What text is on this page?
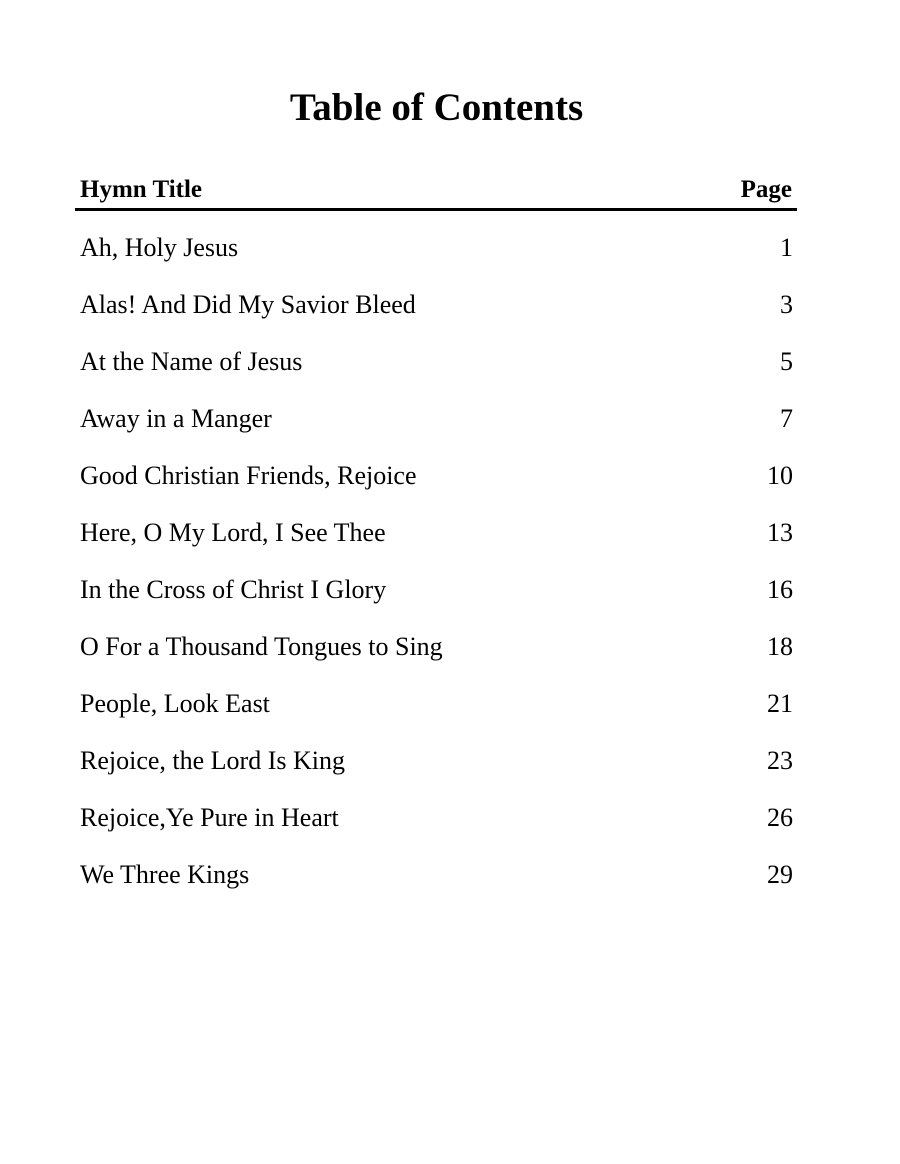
Table of Contents
Hymn Title	Page
Ah, Holy Jesus	1
Alas! And Did My Savior Bleed	3
At the Name of Jesus	5
Away in a Manger	7
Good Christian Friends, Rejoice	10
Here, O My Lord, I See Thee	13
In the Cross of Christ I Glory	16
O For a Thousand Tongues to Sing	18
People, Look East	21
Rejoice, the Lord Is King	23
Rejoice,Ye Pure in Heart	26
We Three Kings	29
